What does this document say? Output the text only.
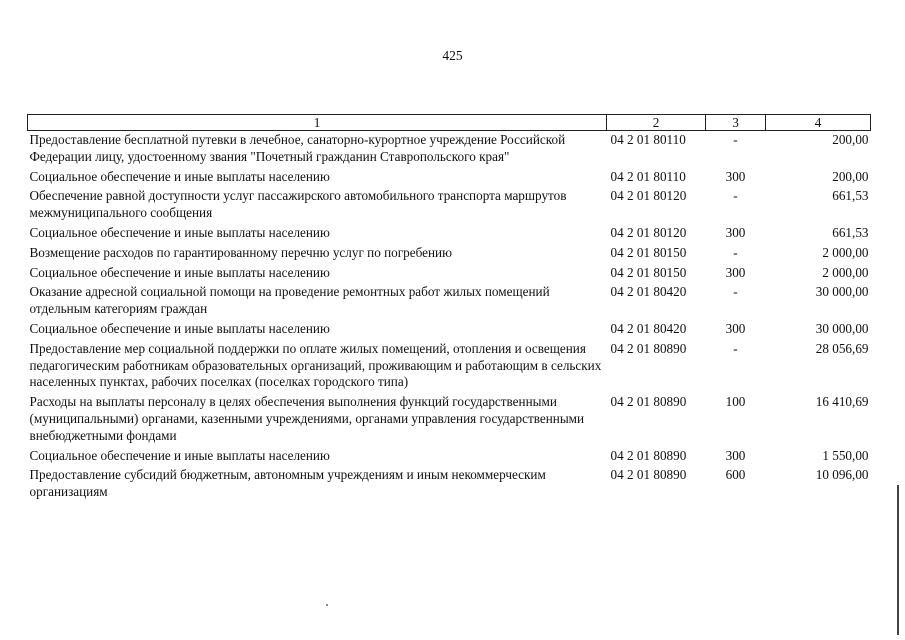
425
1	2	3	4
Предоставление бесплатной путевки в лечебное, санаторно-курортное учреждение Российской Федерации лицу, удостоенному звания "Почетный гражданин Ставропольского края"	04 2 01 80110	-	200,00
Социальное обеспечение и иные выплаты населению	04 2 01 80110	300	200,00
Обеспечение равной доступности услуг пассажирского автомобильного транспорта маршрутов межмуниципального сообщения	04 2 01 80120	-	661,53
Социальное обеспечение и иные выплаты населению	04 2 01 80120	300	661,53
Возмещение расходов по гарантированному перечню услуг по погребению	04 2 01 80150	-	2 000,00
Социальное обеспечение и иные выплаты населению	04 2 01 80150	300	2 000,00
Оказание адресной социальной помощи на проведение ремонтных работ жилых помещений отдельным категориям граждан	04 2 01 80420	-	30 000,00
Социальное обеспечение и иные выплаты населению	04 2 01 80420	300	30 000,00
Предоставление мер социальной поддержки по оплате жилых помещений, отопления и освещения педагогическим работникам образовательных организаций, проживающим и работающим в сельских населенных пунктах, рабочих поселках (поселках городского типа)	04 2 01 80890	-	28 056,69
Расходы на выплаты персоналу в целях обеспечения выполнения функций государственными (муниципальными) органами, казенными учреждениями, органами управления государственными внебюджетными фондами	04 2 01 80890	100	16 410,69
Социальное обеспечение и иные выплаты населению	04 2 01 80890	300	1 550,00
Предоставление субсидий бюджетным, автономным учреждениям и иным некоммерческим организациям	04 2 01 80890	600	10 096,00
